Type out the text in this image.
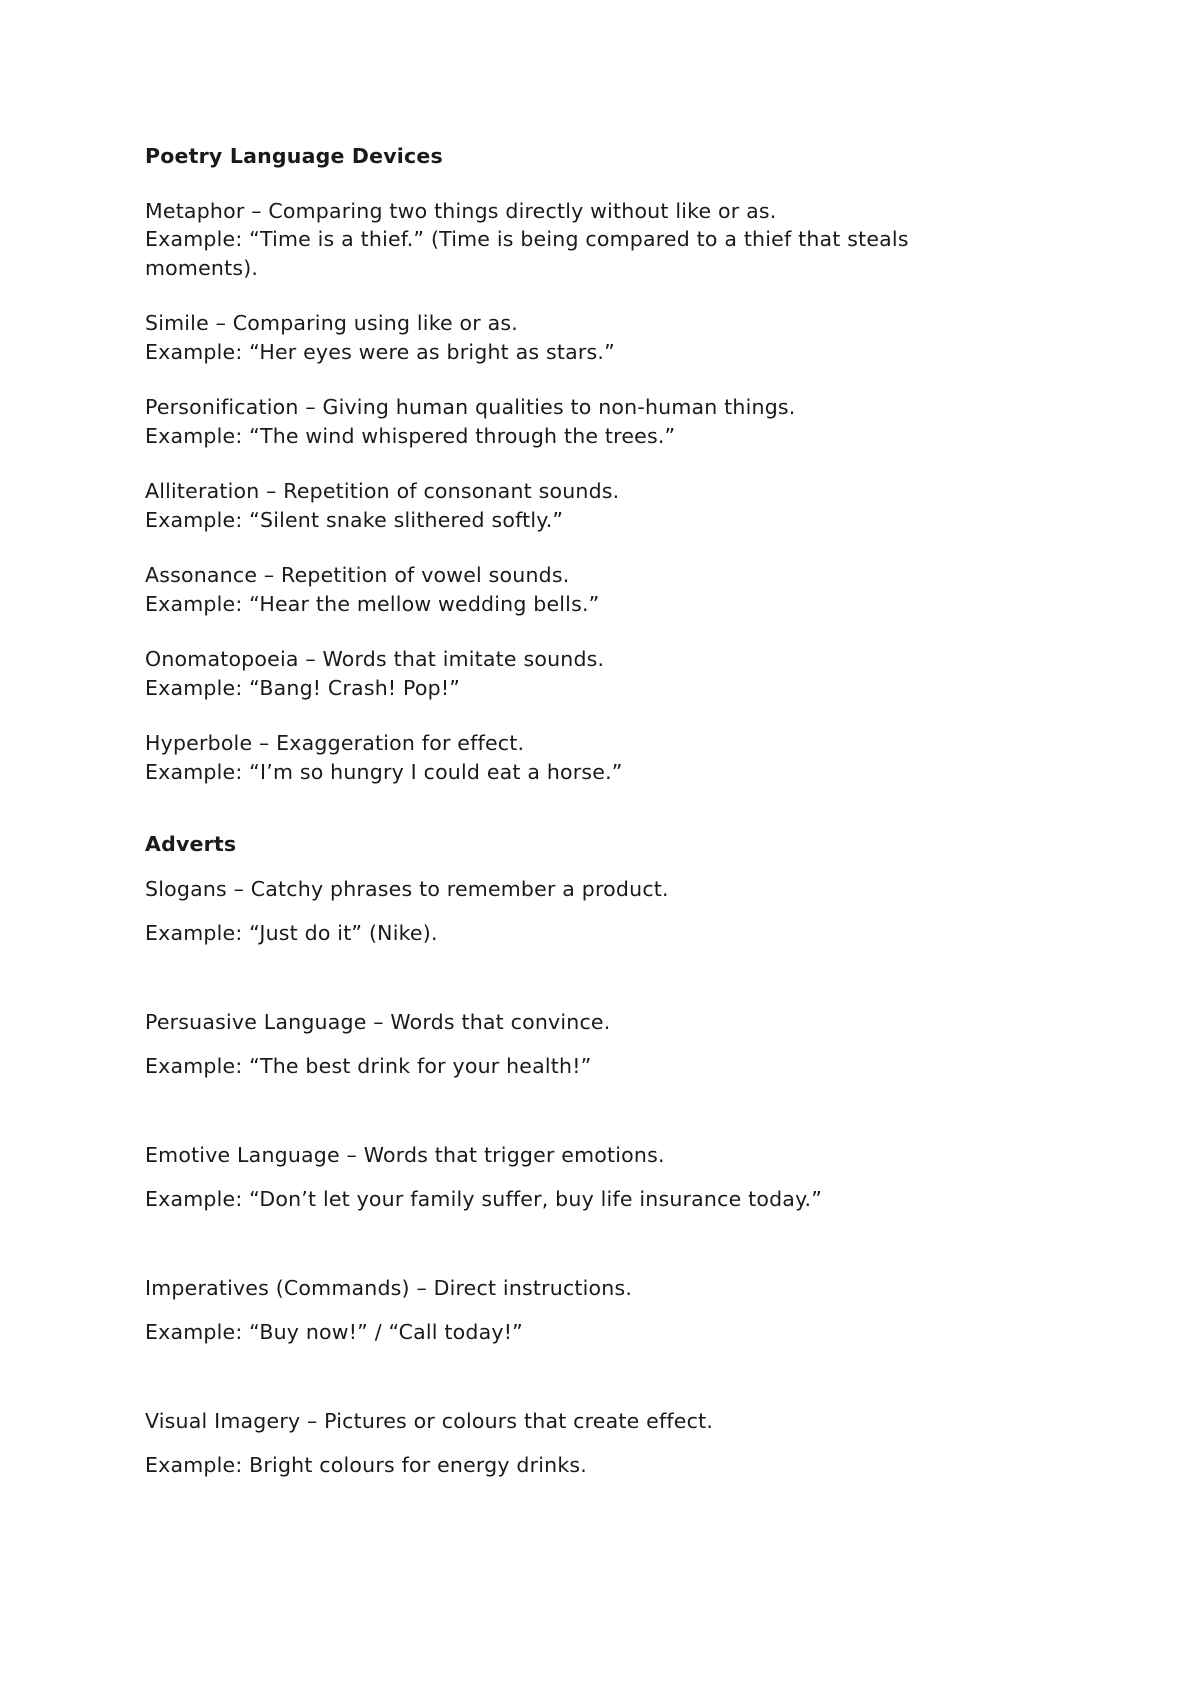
Poetry Language Devices

Metaphor – Comparing two things directly without like or as.

Example: “Time is a thief.” (Time is being compared to a thief that steals moments).

Simile – Comparing using like or as.

Example: “Her eyes were as bright as stars.”

Personification – Giving human qualities to non-human things.

Example: “The wind whispered through the trees.”

Alliteration – Repetition of consonant sounds.

Example: “Silent snake slithered softly.”

Assonance – Repetition of vowel sounds.

Example: “Hear the mellow wedding bells.”

Onomatopoeia – Words that imitate sounds.

Example: “Bang! Crash! Pop!”

Hyperbole – Exaggeration for effect.

Example: “I’m so hungry I could eat a horse.”

Adverts

Slogans – Catchy phrases to remember a product.

Example: “Just do it” (Nike).

Persuasive Language – Words that convince.

Example: “The best drink for your health!”

Emotive Language – Words that trigger emotions.

Example: “Don’t let your family suffer, buy life insurance today.”

Imperatives (Commands) – Direct instructions.

Example: “Buy now!” / “Call today!”

Visual Imagery – Pictures or colours that create effect.

Example: Bright colours for energy drinks.
